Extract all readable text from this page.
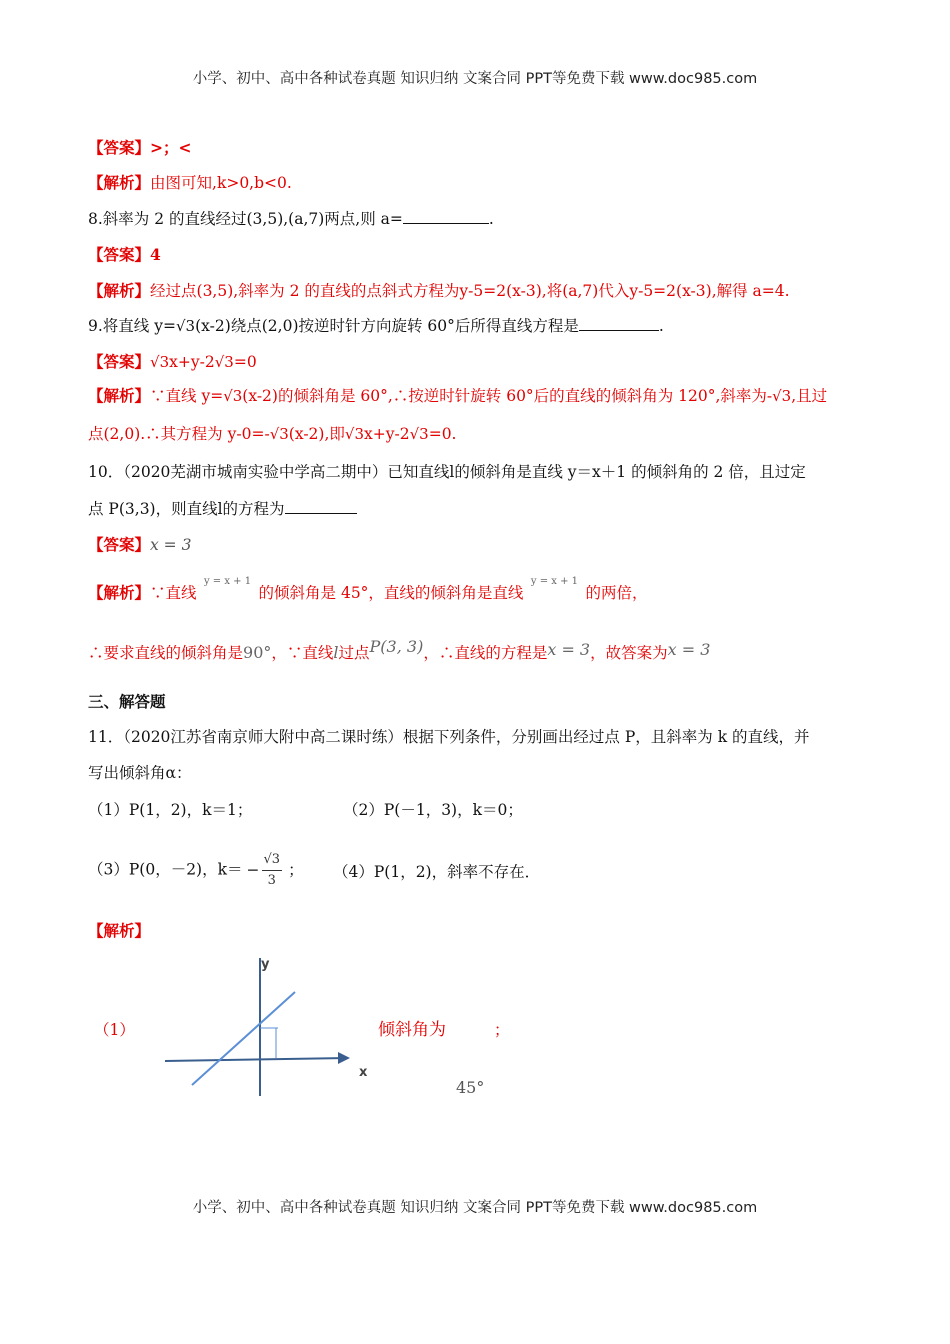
小学、初中、高中各种试卷真题 知识归纳 文案合同 PPT等免费下载 www.doc985.com
【答案】>；<
【解析】由图可知,k>0,b<0.
8.斜率为 2 的直线经过(3,5),(a,7)两点,则 a=	.
【答案】4
【解析】经过点(3,5),斜率为 2 的直线的点斜式方程为y-5=2(x-3),将(a,7)代入y-5=2(x-3),解得 a=4.
9.将直线 y=√3(x-2)绕点(2,0)按逆时针方向旋转 60°后所得直线方程是	.
【答案】√3x+y-2√3=0
【解析】∵直线 y=√3(x-2)的倾斜角是 60°,∴按逆时针旋转 60°后的直线的倾斜角为 120°,斜率为-√3,且过
点(2,0).∴其方程为 y-0=-√3(x-2),即√3x+y-2√3=0.
10．（2020芜湖市城南实验中学高二期中）已知直线l的倾斜角是直线 y＝x＋1 的倾斜角的 2 倍，且过定
点 P(3,3)，则直线l的方程为
【答案】x = 3
【解析】∵直线y = x + 1的倾斜角是 45°，直线的倾斜角是直线y = x + 1的两倍，
∴要求直线的倾斜角是90°，∵直线l过点P(3, 3)，∴直线的方程是x = 3，故答案为x = 3
三、解答题
11．（2020江苏省南京师大附中高二课时练）根据下列条件，分别画出经过点 P，且斜率为 k 的直线，并
写出倾斜角α：
（1）P(1，2)，k＝1；	（2）P(－1，3)，k＝0；
（3）P(0，－2)，$k= - \frac{√3}{3}$ ； （4）P(1，2)，斜率不存在．
【解析】
y
x
（1）	倾斜角为	；
45°
小学、初中、高中各种试卷真题 知识归纳 文案合同 PPT等免费下载 www.doc985.com
